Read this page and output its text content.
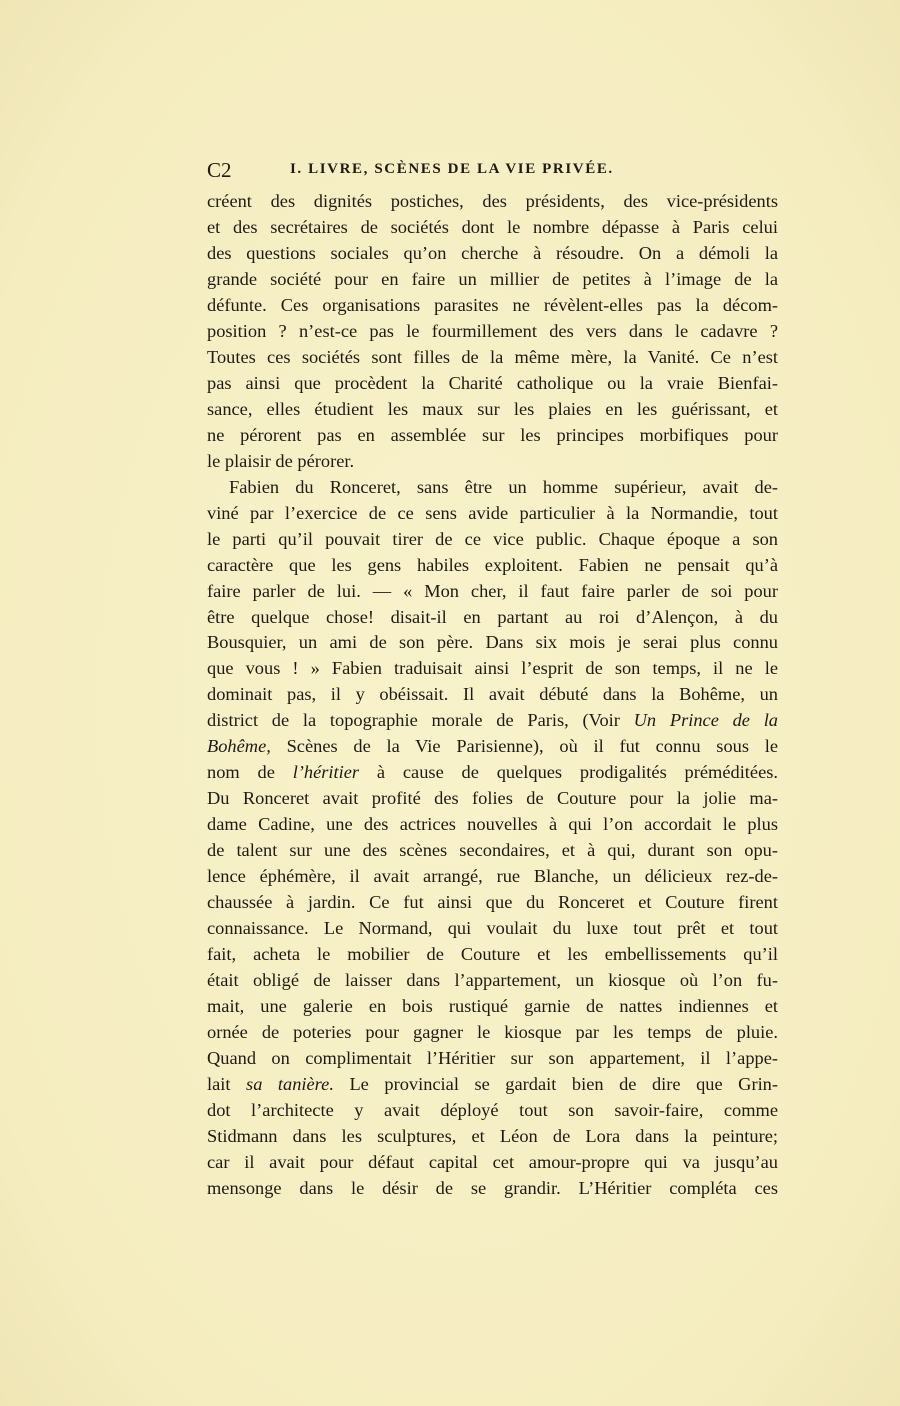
C2	I. LIVRE, SCÈNES DE LA VIE PRIVÉE.
créent des dignités postiches, des présidents, des vice-présidents
et des secrétaires de sociétés dont le nombre dépasse à Paris celui
des questions sociales qu’on cherche à résoudre. On a démoli la
grande société pour en faire un millier de petites à l’image de la
défunte. Ces organisations parasites ne révèlent-elles pas la décom-
position ? n’est-ce pas le fourmillement des vers dans le cadavre ?
Toutes ces sociétés sont filles de la même mère, la Vanité. Ce n’est
pas ainsi que procèdent la Charité catholique ou la vraie Bienfai-
sance, elles étudient les maux sur les plaies en les guérissant, et
ne pérorent pas en assemblée sur les principes morbifiques pour
le plaisir de pérorer.
Fabien du Ronceret, sans être un homme supérieur, avait de-
viné par l’exercice de ce sens avide particulier à la Normandie, tout
le parti qu’il pouvait tirer de ce vice public. Chaque époque a son
caractère que les gens habiles exploitent. Fabien ne pensait qu’à
faire parler de lui. — « Mon cher, il faut faire parler de soi pour
être quelque chose! disait-il en partant au roi d’Alençon, à du
Bousquier, un ami de son père. Dans six mois je serai plus connu
que vous ! » Fabien traduisait ainsi l’esprit de son temps, il ne le
dominait pas, il y obéissait. Il avait débuté dans la Bohême, un
district de la topographie morale de Paris, (Voir Un Prince de la
Bohême, Scènes de la Vie Parisienne), où il fut connu sous le
nom de l’héritier à cause de quelques prodigalités préméditées.
Du Ronceret avait profité des folies de Couture pour la jolie ma-
dame Cadine, une des actrices nouvelles à qui l’on accordait le plus
de talent sur une des scènes secondaires, et à qui, durant son opu-
lence éphémère, il avait arrangé, rue Blanche, un délicieux rez-de-
chaussée à jardin. Ce fut ainsi que du Ronceret et Couture firent
connaissance. Le Normand, qui voulait du luxe tout prêt et tout
fait, acheta le mobilier de Couture et les embellissements qu’il
était obligé de laisser dans l’appartement, un kiosque où l’on fu-
mait, une galerie en bois rustiqué garnie de nattes indiennes et
ornée de poteries pour gagner le kiosque par les temps de pluie.
Quand on complimentait l’Héritier sur son appartement, il l’appe-
lait sa tanière. Le provincial se gardait bien de dire que Grin-
dot l’architecte y avait déployé tout son savoir-faire, comme
Stidmann dans les sculptures, et Léon de Lora dans la peinture;
car il avait pour défaut capital cet amour-propre qui va jusqu’au
mensonge dans le désir de se grandir. L’Héritier compléta ces
